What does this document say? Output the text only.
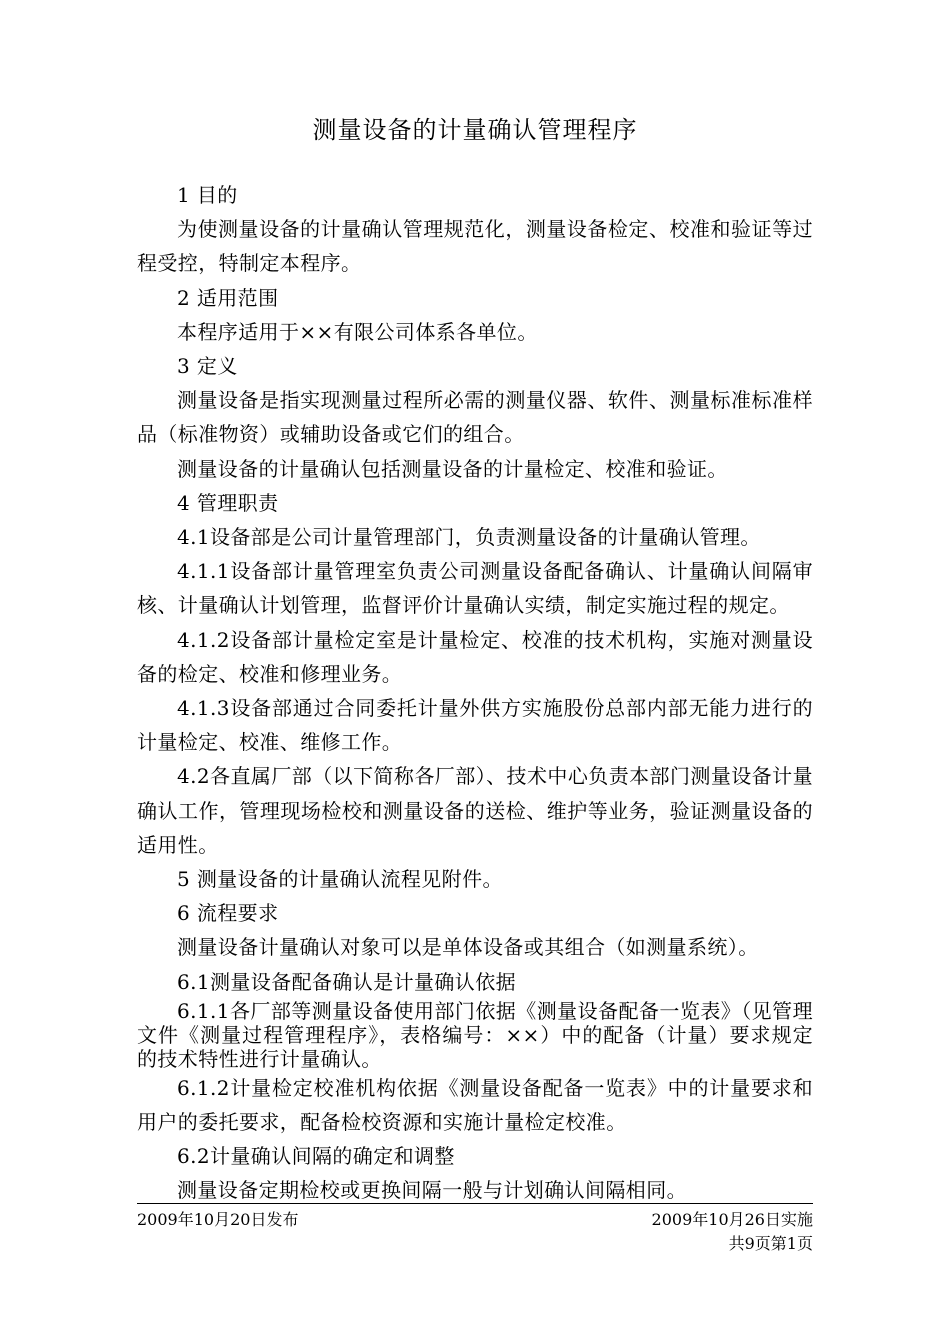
测量设备的计量确认管理程序

1 目的

为使测量设备的计量确认管理规范化，测量设备检定、校准和验证等过程受控，特制定本程序。

2 适用范围

本程序适用于××有限公司体系各单位。

3 定义

测量设备是指实现测量过程所必需的测量仪器、软件、测量标准标准样品（标准物资）或辅助设备或它们的组合。

测量设备的计量确认包括测量设备的计量检定、校准和验证。

4 管理职责

4.1设备部是公司计量管理部门，负责测量设备的计量确认管理。

4.1.1设备部计量管理室负责公司测量设备配备确认、计量确认间隔审核、计量确认计划管理，监督评价计量确认实绩，制定实施过程的规定。

4.1.2设备部计量检定室是计量检定、校准的技术机构，实施对测量设备的检定、校准和修理业务。

4.1.3设备部通过合同委托计量外供方实施股份总部内部无能力进行的计量检定、校准、维修工作。

4.2各直属厂部（以下简称各厂部）、技术中心负责本部门测量设备计量确认工作，管理现场检校和测量设备的送检、维护等业务，验证测量设备的适用性。

5 测量设备的计量确认流程见附件。

6 流程要求

测量设备计量确认对象可以是单体设备或其组合（如测量系统）。

6.1测量设备配备确认是计量确认依据

6.1.1各厂部等测量设备使用部门依据《测量设备配备一览表》（见管理文件《测量过程管理程序》，表格编号：××）中的配备（计量）要求规定的技术特性进行计量确认。

6.1.2计量检定校准机构依据《测量设备配备一览表》中的计量要求和用户的委托要求，配备检校资源和实施计量检定校准。

6.2计量确认间隔的确定和调整

测量设备定期检校或更换间隔一般与计划确认间隔相同。

2009年10月20日发布	2009年10月26日实施
共9页第1页
